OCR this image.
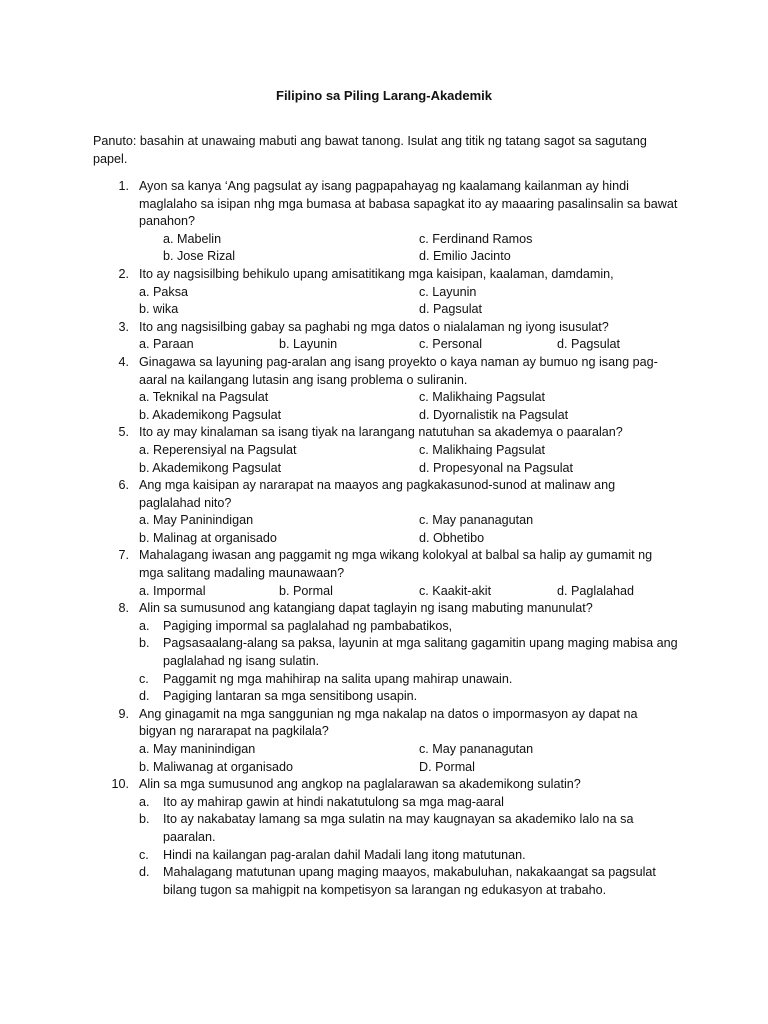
Filipino sa Piling Larang-Akademik
Panuto: basahin at unawaing mabuti ang bawat tanong. Isulat ang titik ng tatang sagot sa sagutang papel.
1. Ayon sa kanya ‘Ang pagsulat ay isang pagpapahayag ng kaalamang kailanman ay hindi maglalaho sa isipan nhg mga bumasa at babasa sapagkat ito ay maaaring pasalinsalin sa bawat panahon?
a. Mabelin	c. Ferdinand Ramos
b. Jose Rizal	d. Emilio Jacinto
2. Ito ay nagsisilbing behikulo upang amisatitikang mga kaisipan, kaalaman, damdamin,
a. Paksa	c. Layunin
b. wika	d. Pagsulat
3. Ito ang nagsisilbing gabay sa paghabi ng mga datos o nialalaman ng iyong isusulat?
a. Paraan	b. Layunin	c. Personal	d. Pagsulat
4. Ginagawa sa layuning pag-aralan ang isang proyekto o kaya naman ay bumuo ng isang pag-aaral na kailangang lutasin ang isang problema o suliranin.
a. Teknikal na Pagsulat	c. Malikhaing Pagsulat
b. Akademikong Pagsulat	d. Dyornalistik na Pagsulat
5. Ito ay may kinalaman sa isang tiyak na larangang natutuhan sa akademya o paaralan?
a. Reperensiyal na Pagsulat	c. Malikhaing Pagsulat
b. Akademikong Pagsulat	d. Propesyonal na Pagsulat
6. Ang mga kaisipan ay nararapat na maayos ang pagkakasunod-sunod at malinaw ang paglalahad nito?
a. May Paninindigan	c. May pananagutan
b. Malinag at organisado	d. Obhetibo
7. Mahalagang iwasan ang paggamit ng mga wikang kolokyal at balbal sa halip ay gumamit ng mga salitang madaling maunawaan?
a. Impormal	b. Pormal	c. Kaakit-akit	d. Paglalahad
8. Alin sa sumusunod ang katangiang dapat taglayin ng isang mabuting manunulat?
a. Pagiging impormal sa paglalahad ng pambabatikos,
b. Pagsasaalang-alang sa paksa, layunin at mga salitang gagamitin upang maging mabisa ang paglalahad ng isang sulatin.
c. Paggamit ng mga mahihirap na salita upang mahirap unawain.
d. Pagiging lantaran sa mga sensitibong usapin.
9. Ang ginagamit na mga sanggunian ng mga nakalap na datos o impormasyon ay dapat na bigyan ng nararapat na pagkilala?
a. May maninindigan	c. May pananagutan
b. Maliwanag at organisado	D. Pormal
10. Alin sa mga sumusunod ang angkop na paglalarawan sa akademikong sulatin?
a. Ito ay mahirap gawin at hindi nakatutulong sa mga mag-aaral
b. Ito ay nakabatay lamang sa mga sulatin na may kaugnayan sa akademiko lalo na sa paaralan.
c. Hindi na kailangan pag-aralan dahil Madali lang itong matutunan.
d. Mahalagang matutunan upang maging maayos, makabuluhan, nakakaangat sa pagsulat bilang tugon sa mahigpit na kompetisyon sa larangan ng edukasyon at trabaho.
